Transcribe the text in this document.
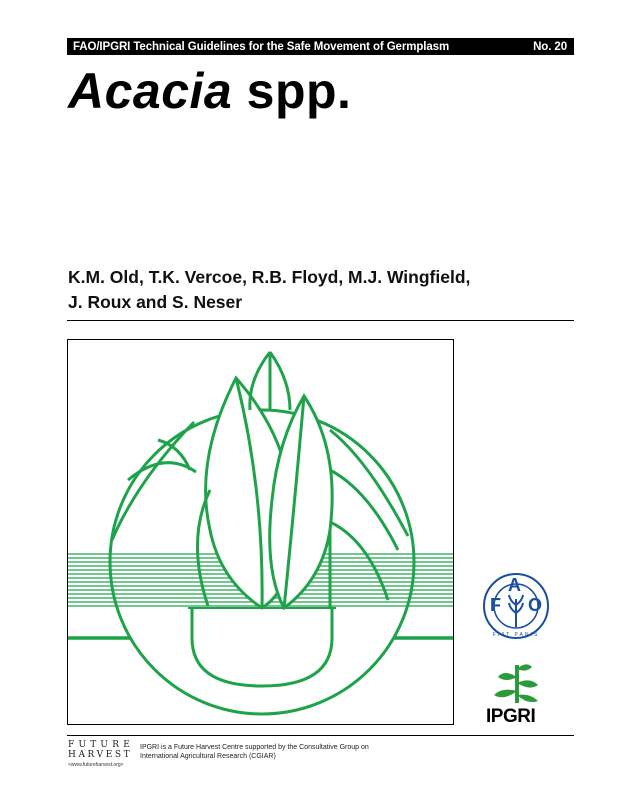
FAO/IPGRI Technical Guidelines for the Safe Movement of Germplasm	No. 20
Acacia spp.
K.M. Old, T.K. Vercoe, R.B. Floyd, M.J. Wingfield,
J. Roux and S. Neser
F
A
O
FIAT PANIS
IPGRI
FUTURE
HARVEST
<www.futureharvest.org>
IPGRI is a Future Harvest Centre supported by the Consultative Group on International Agricultural Research (CGIAR)
